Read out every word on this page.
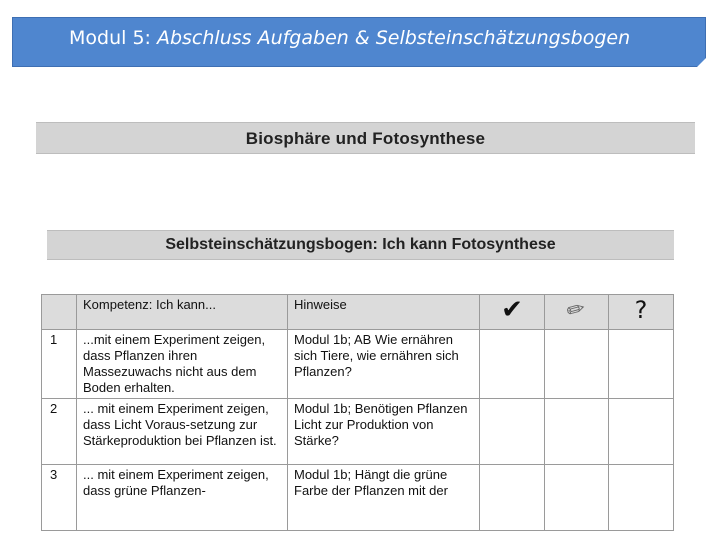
Modul 5: Abschluss Aufgaben & Selbsteinschätzungsbogen
Biosphäre und Fotosynthese
Selbsteinschätzungsbogen: Ich kann Fotosynthese
	Kompetenz: Ich kann...	Hinweise	✔	✏	?
1	...mit einem Experiment zeigen, dass Pflanzen ihren Massezuwachs nicht aus dem Boden erhalten.	Modul 1b; AB Wie ernähren sich Tiere, wie ernähren sich Pflanzen?			
2	... mit einem Experiment zeigen, dass Licht Voraus-setzung zur Stärkeproduktion bei Pflanzen ist.	Modul 1b; Benötigen Pflanzen Licht zur Produktion von Stärke?			
3	... mit einem Experiment zeigen, dass grüne Pflanzen-	Modul 1b; Hängt die grüne Farbe der Pflanzen mit der			
